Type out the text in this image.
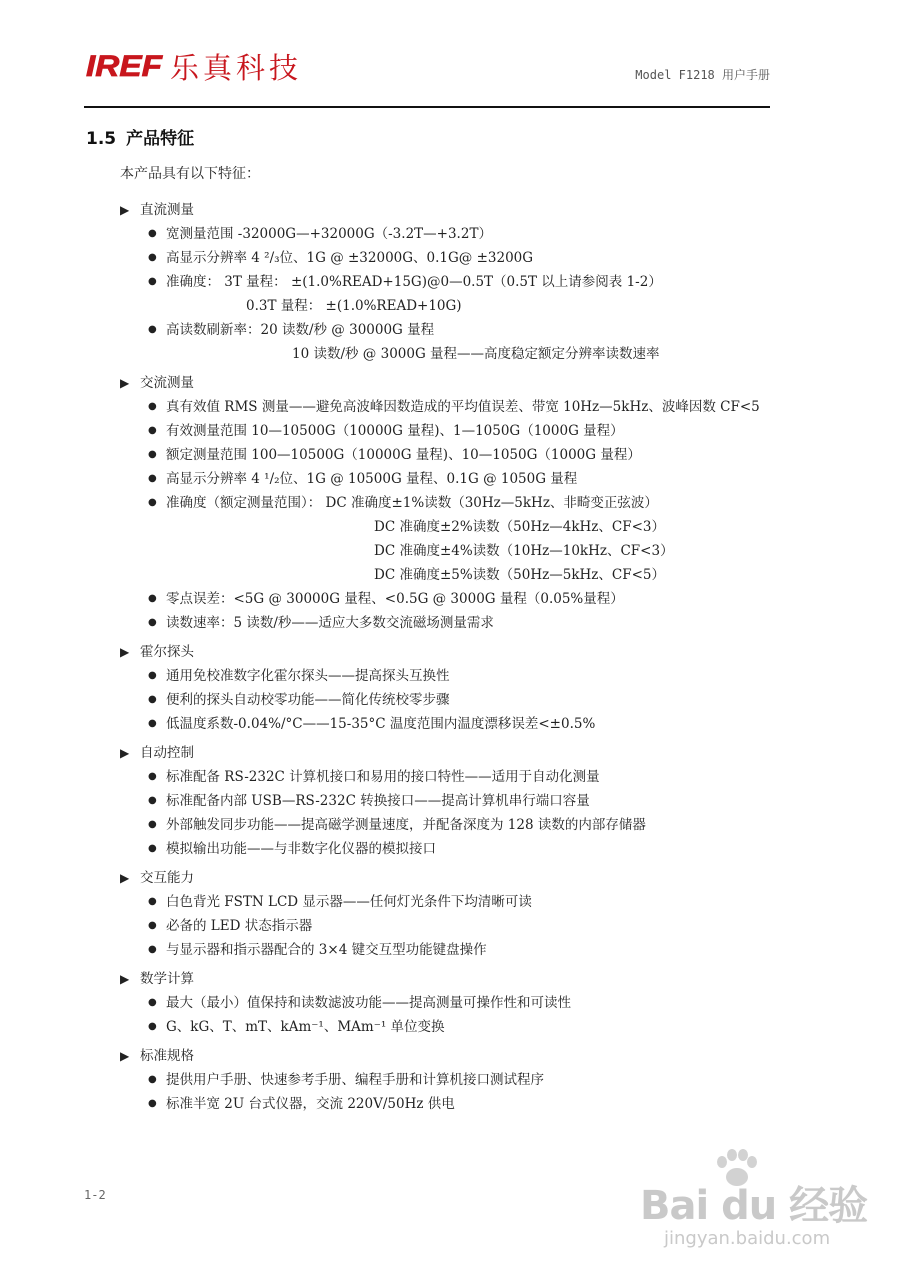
IREF 乐真科技	Model F1218 用户手册
1.5 产品特征
本产品具有以下特征：
▶ 直流测量
● 宽测量范围 -32000G—+32000G（-3.2T—+3.2T）
● 高显示分辨率 4 ²/₃位、1G @ ±32000G、0.1G@ ±3200G
● 准确度： 3T 量程： ±(1.0%READ+15G)@0—0.5T（0.5T 以上请参阅表 1-2）
0.3T 量程： ±(1.0%READ+10G)
● 高读数刷新率：20 读数/秒 @ 30000G 量程
10 读数/秒 @ 3000G 量程——高度稳定额定分辨率读数速率
▶ 交流测量
● 真有效值 RMS 测量——避免高波峰因数造成的平均值误差、带宽 10Hz—5kHz、波峰因数 CF<5
● 有效测量范围 10—10500G（10000G 量程)、1—1050G（1000G 量程）
● 额定测量范围 100—10500G（10000G 量程)、10—1050G（1000G 量程）
● 高显示分辨率 4 ¹/₂位、1G @ 10500G 量程、0.1G @ 1050G 量程
● 准确度（额定测量范围）： DC 准确度±1%读数（30Hz—5kHz、非畸变正弦波）
DC 准确度±2%读数（50Hz—4kHz、CF<3）
DC 准确度±4%读数（10Hz—10kHz、CF<3）
DC 准确度±5%读数（50Hz—5kHz、CF<5）
● 零点误差：<5G @ 30000G 量程、<0.5G @ 3000G 量程（0.05%量程）
● 读数速率：5 读数/秒——适应大多数交流磁场测量需求
▶ 霍尔探头
● 通用免校准数字化霍尔探头——提高探头互换性
● 便利的探头自动校零功能——简化传统校零步骤
● 低温度系数-0.04%/°C——15-35°C 温度范围内温度漂移误差<±0.5%
▶ 自动控制
● 标准配备 RS-232C 计算机接口和易用的接口特性——适用于自动化测量
● 标准配备内部 USB—RS-232C 转换接口——提高计算机串行端口容量
● 外部触发同步功能——提高磁学测量速度，并配备深度为 128 读数的内部存储器
● 模拟输出功能——与非数字化仪器的模拟接口
▶ 交互能力
● 白色背光 FSTN LCD 显示器——任何灯光条件下均清晰可读
● 必备的 LED 状态指示器
● 与显示器和指示器配合的 3×4 键交互型功能键盘操作
▶ 数学计算
● 最大（最小）值保持和读数滤波功能——提高测量可操作性和可读性
● G、kG、T、mT、kAm⁻¹、MAm⁻¹ 单位变换
▶ 标准规格
● 提供用户手册、快速参考手册、编程手册和计算机接口测试程序
● 标准半宽 2U 台式仪器，交流 220V/50Hz 供电
1-2	Bai du 经验
jingyan.baidu.com
